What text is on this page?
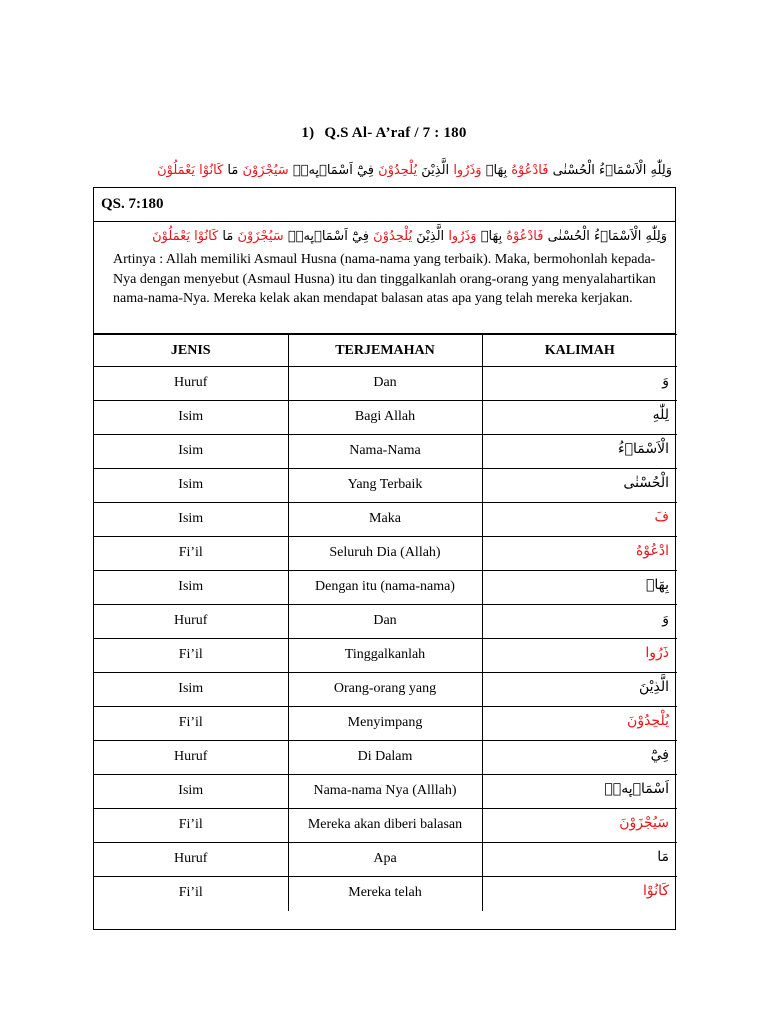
1) Q.S Al- A’raf / 7 : 180
وَلِلّٰهِ الْاَسْمَاۤءُ الْحُسْنٰى فَادْعُوْهُ بِهَاۖ وَذَرُوا الَّذِيْنَ يُلْحِدُوْنَ فِيْٓ اَسْمَاۤىِٕهٖۗ سَيُجْزَوْنَ مَا كَانُوْا يَعْمَلُوْنَ
QS. 7:180
وَلِلّٰهِ الْاَسْمَاۤءُ الْحُسْنٰى فَادْعُوْهُ بِهَاۖ وَذَرُوا الَّذِيْنَ يُلْحِدُوْنَ فِيْٓ اَسْمَاۤىِٕهٖۗ سَيُجْزَوْنَ مَا كَانُوْا يَعْمَلُوْنَ
Artinya : Allah memiliki Asmaul Husna (nama-nama yang terbaik). Maka, bermohonlah kepada-Nya dengan menyebut (Asmaul Husna) itu dan tinggalkanlah orang-orang yang menyalahartikan nama-nama-Nya. Mereka kelak akan mendapat balasan atas apa yang telah mereka kerjakan.
JENIS	TERJEMAHAN	KALIMAH
Huruf	Dan	وَ
Isim	Bagi Allah	لِلّٰهِ
Isim	Nama-Nama	الْاَسْمَاۤءُ
Isim	Yang Terbaik	الْحُسْنٰى
Isim	Maka	فَ
Fi’il	Seluruh Dia (Allah)	ادْعُوْهُ
Isim	Dengan itu (nama-nama)	بِهَاۖ
Huruf	Dan	وَ
Fi’il	Tinggalkanlah	ذَرُوا
Isim	Orang-orang yang	الَّذِيْنَ
Fi’il	Menyimpang	يُلْحِدُوْنَ
Huruf	Di Dalam	فِيْٓ
Isim	Nama-nama Nya (Alllah)	اَسْمَاۤىِٕهٖۗ
Fi’il	Mereka akan diberi balasan	سَيُجْزَوْنَ
Huruf	Apa	مَا
Fi’il	Mereka telah	كَانُوْا
